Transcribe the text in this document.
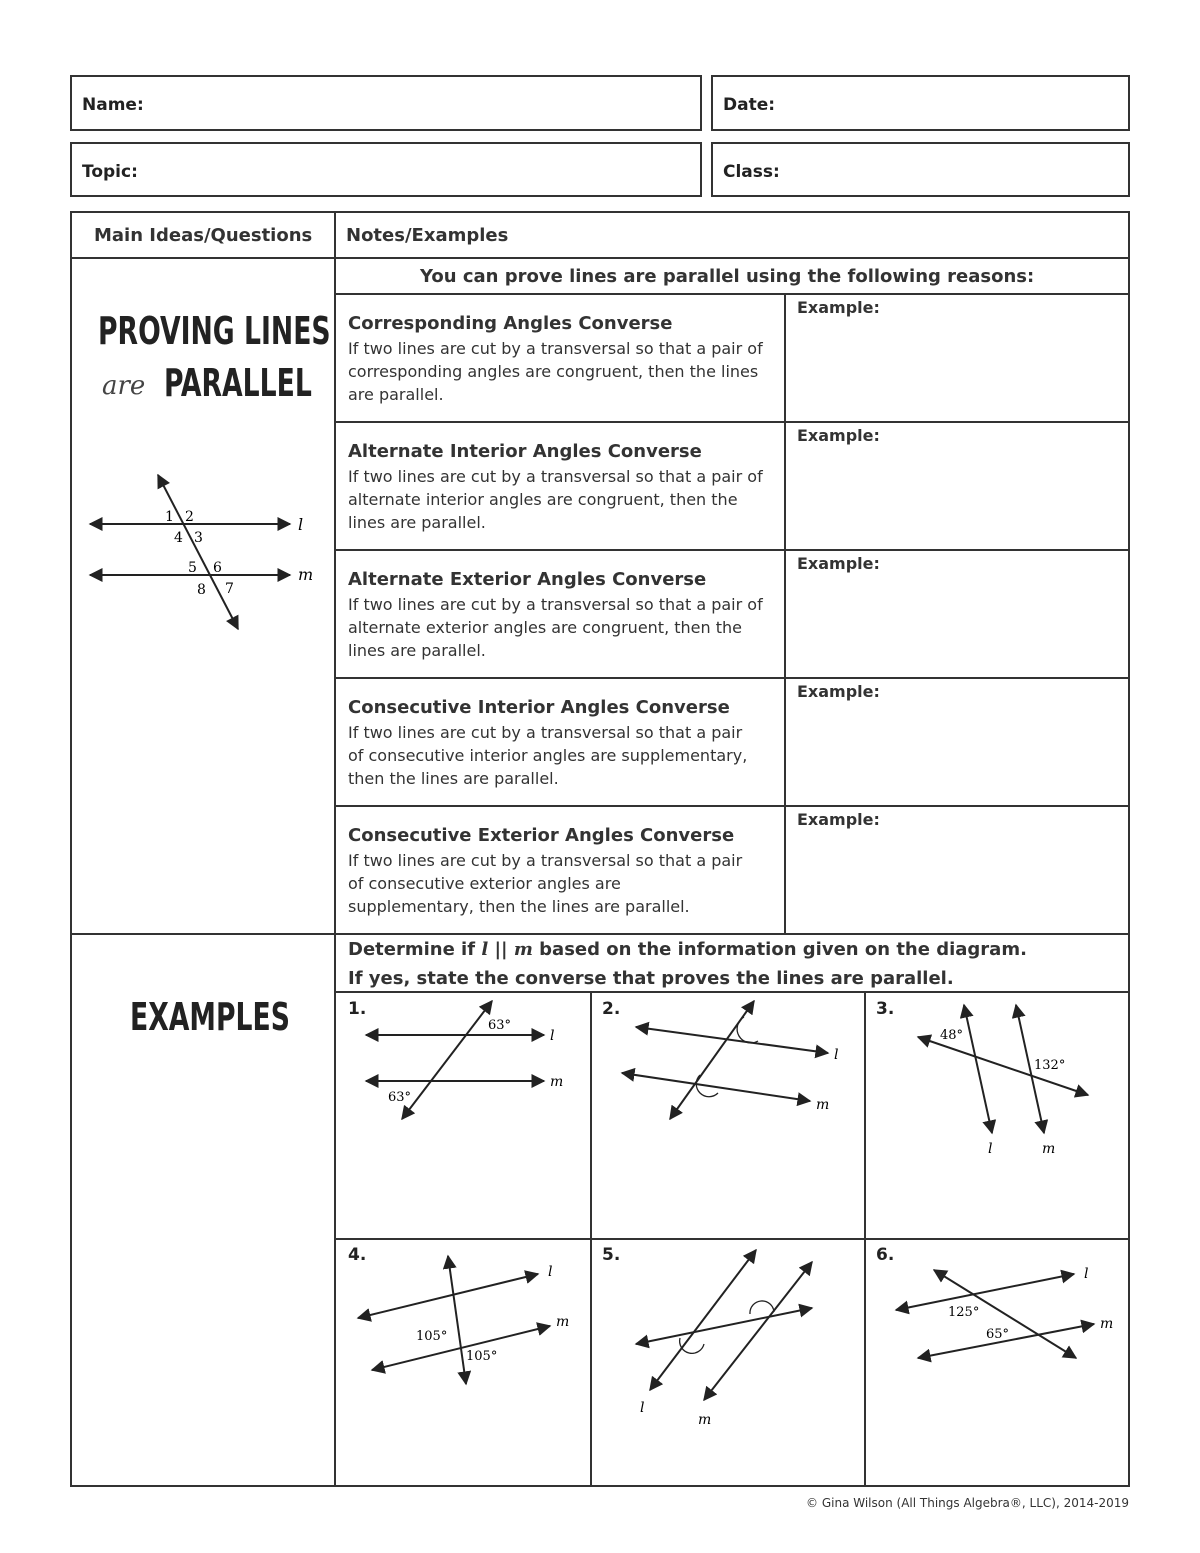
Name:	Date:
Topic:	Class:
Main Ideas/Questions Notes/Examples
PROVING LINES
are PARALLEL
1 2
4 3
5 6
8 7
l
m
You can prove lines are parallel using the following reasons:
Corresponding Angles Converse
If two lines are cut by a transversal so that a pair of corresponding angles are congruent, then the lines are parallel.
Example:
Alternate Interior Angles Converse
If two lines are cut by a transversal so that a pair of alternate interior angles are congruent, then the lines are parallel.
Example:
Alternate Exterior Angles Converse
If two lines are cut by a transversal so that a pair of alternate exterior angles are congruent, then the lines are parallel.
Example:
Consecutive Interior Angles Converse
If two lines are cut by a transversal so that a pair of consecutive interior angles are supplementary, then the lines are parallel.
Example:
Consecutive Exterior Angles Converse
If two lines are cut by a transversal so that a pair of consecutive exterior angles are supplementary, then the lines are parallel.
Example:
EXAMPLES
Determine if l || m based on the information given on the diagram.
If yes, state the converse that proves the lines are parallel.
1.	2.	3.
4.	5.	6.
63°
63°
l
m
l
m
48°
132°
l	m
105°
105°
l
m
l
m
125°
65°
l
m
© Gina Wilson (All Things Algebra®, LLC), 2014-2019
